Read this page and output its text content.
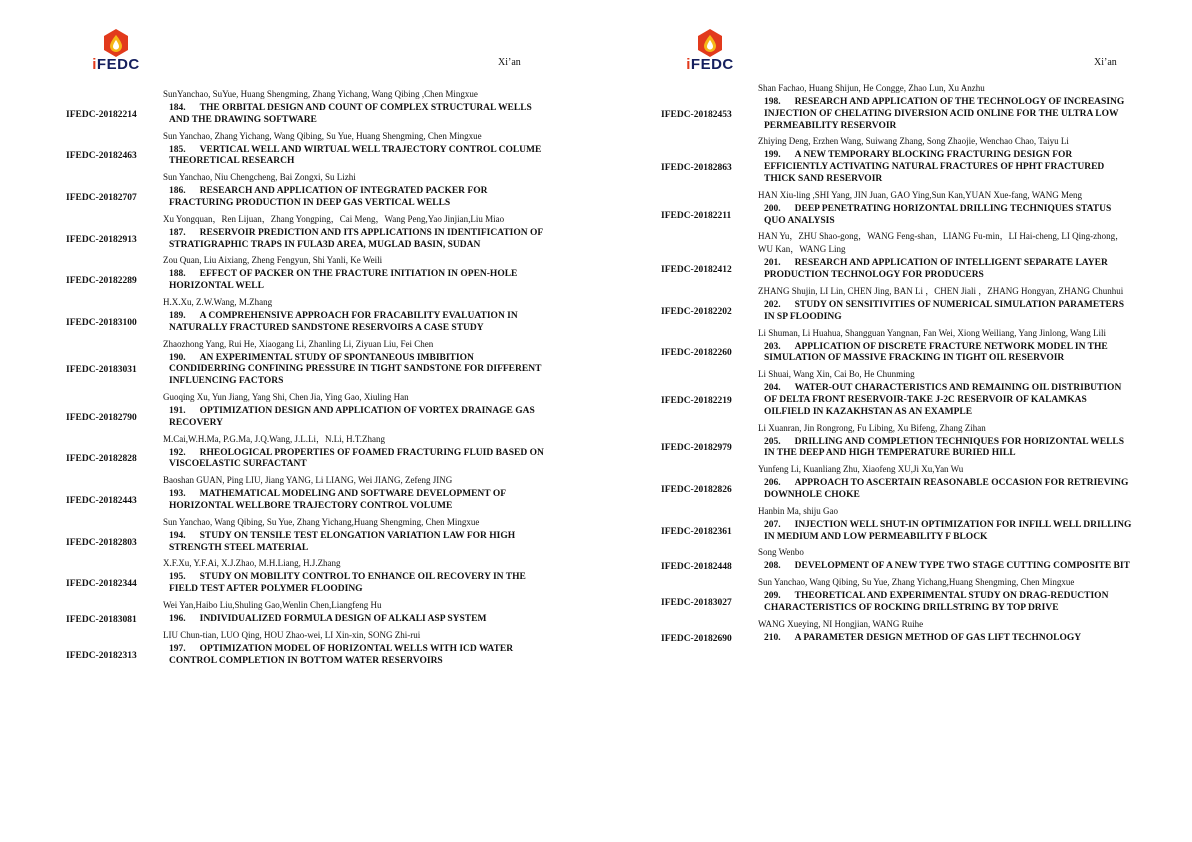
iFEDC	Xi’an

SunYanchao, SuYue, Huang Shengming, Zhang Yichang, Wang Qibing ,Chen Mingxue

IFEDC-20182214
184. THE ORBITAL DESIGN AND COUNT OF COMPLEX STRUCTURAL WELLS AND THE DRAWING SOFTWARE

Sun Yanchao, Zhang Yichang, Wang Qibing, Su Yue, Huang Shengming, Chen Mingxue

IFEDC-20182463
185. VERTICAL WELL AND WIRTUAL WELL TRAJECTORY CONTROL COLUME THEORETICAL RESEARCH

Sun Yanchao, Niu Chengcheng, Bai Zongxi, Su Lizhi

IFEDC-20182707
186. RESEARCH AND APPLICATION OF INTEGRATED PACKER FOR FRACTURING PRODUCTION IN DEEP GAS VERTICAL WELLS

Xu Yongquan，Ren Lijuan，Zhang Yongping，Cai Meng，Wang Peng,Yao Jinjian,Liu Miao

IFEDC-20182913
187. RESERVOIR PREDICTION AND ITS APPLICATIONS IN IDENTIFICATION OF STRATIGRAPHIC TRAPS IN FULA3D AREA, MUGLAD BASIN, SUDAN

Zou Quan, Liu Aixiang, Zheng Fengyun, Shi Yanli, Ke Weili

IFEDC-20182289
188. EFFECT OF PACKER ON THE FRACTURE INITIATION IN OPEN-HOLE HORIZONTAL WELL

H.X.Xu, Z.W.Wang, M.Zhang

IFEDC-20183100
189. A COMPREHENSIVE APPROACH FOR FRACABILITY EVALUATION IN NATURALLY FRACTURED SANDSTONE RESERVOIRS A CASE STUDY

Zhaozhong Yang, Rui He, Xiaogang Li, Zhanling Li, Ziyuan Liu, Fei Chen

IFEDC-20183031
190. AN EXPERIMENTAL STUDY OF SPONTANEOUS IMBIBITION CONDIDERRING CONFINING PRESSURE IN TIGHT SANDSTONE FOR DIFFERENT INFLUENCING FACTORS

Guoqing Xu, Yun Jiang, Yang Shi, Chen Jia, Ying Gao, Xiuling Han

IFEDC-20182790
191. OPTIMIZATION DESIGN AND APPLICATION OF VORTEX DRAINAGE GAS RECOVERY

M.Cai,W.H.Ma, P.G.Ma, J.Q.Wang, J.L.Li，N.Li, H.T.Zhang

IFEDC-20182828
192. RHEOLOGICAL PROPERTIES OF FOAMED FRACTURING FLUID BASED ON VISCOELASTIC SURFACTANT

Baoshan GUAN, Ping LIU, Jiang YANG, Li LIANG, Wei JIANG, Zefeng JING

IFEDC-20182443
193. MATHEMATICAL MODELING AND SOFTWARE DEVELOPMENT OF HORIZONTAL WELLBORE TRAJECTORY CONTROL VOLUME

Sun Yanchao, Wang Qibing, Su Yue, Zhang Yichang,Huang Shengming, Chen Mingxue

IFEDC-20182803
194. STUDY ON TENSILE TEST ELONGATION VARIATION LAW FOR HIGH STRENGTH STEEL MATERIAL

X.F.Xu, Y.F.Ai, X.J.Zhao, M.H.Liang, H.J.Zhang

IFEDC-20182344
195. STUDY ON MOBILITY CONTROL TO ENHANCE OIL RECOVERY IN THE FIELD TEST AFTER POLYMER FLOODING

Wei Yan,Haibo Liu,Shuling Gao,Wenlin Chen,Liangfeng Hu

IFEDC-20183081	196. INDIVIDUALIZED FORMULA DESIGN OF ALKALI ASP SYSTEM

LIU Chun-tian, LUO Qing, HOU Zhao-wei, LI Xin-xin, SONG Zhi-rui

IFEDC-20182313
197. OPTIMIZATION MODEL OF HORIZONTAL WELLS WITH ICD WATER CONTROL COMPLETION IN BOTTOM WATER RESERVOIRS
iFEDC	Xi’an

Shan Fachao, Huang Shijun, He Congge, Zhao Lun, Xu Anzhu

IFEDC-20182453
198. RESEARCH AND APPLICATION OF THE TECHNOLOGY OF INCREASING INJECTION OF CHELATING DIVERSION ACID ONLINE FOR THE ULTRA LOW PERMEABILITY RESERVOIR

Zhiying Deng, Erzhen Wang, Suiwang Zhang, Song Zhaojie, Wenchao Chao, Taiyu Li

IFEDC-20182863
199. A NEW TEMPORARY BLOCKING FRACTURING DESIGN FOR EFFICIENTLY ACTIVATING NATURAL FRACTURES OF HPHT FRACTURED THICK SAND RESERVOIR

HAN Xiu-ling ,SHI Yang, JIN Juan, GAO Ying,Sun Kan,YUAN Xue-fang, WANG Meng

IFEDC-20182211
200. DEEP PENETRATING HORIZONTAL DRILLING TECHNIQUES STATUS QUO ANALYSIS

HAN Yu，ZHU Shao-gong，WANG Feng-shan，LIANG Fu-min，LI Hai-cheng, LI Qing-zhong，WU Kan，WANG Ling

IFEDC-20182412
201. RESEARCH AND APPLICATION OF INTELLIGENT SEPARATE LAYER PRODUCTION TECHNOLOGY FOR PRODUCERS

ZHANG Shujin, LI Lin, CHEN Jing, BAN Li ，CHEN Jiali ，ZHANG Hongyan, ZHANG Chunhui

IFEDC-20182202
202. STUDY ON SENSITIVITIES OF NUMERICAL SIMULATION PARAMETERS IN SP FLOODING

Li Shuman, Li Huahua, Shangguan Yangnan, Fan Wei, Xiong Weiliang, Yang Jinlong, Wang Lili

IFEDC-20182260
203. APPLICATION OF DISCRETE FRACTURE NETWORK MODEL IN THE SIMULATION OF MASSIVE FRACKING IN TIGHT OIL RESERVOIR

Li Shuai, Wang Xin, Cai Bo, He Chunming

IFEDC-20182219
204. WATER-OUT CHARACTERISTICS AND REMAINING OIL DISTRIBUTION OF DELTA FRONT RESERVOIR-TAKE J-2C RESERVOIR OF KALAMKAS OILFIELD IN KAZAKHSTAN AS AN EXAMPLE

Li Xuanran, Jin Rongrong, Fu Libing, Xu Bifeng, Zhang Zihan

IFEDC-20182979
205. DRILLING AND COMPLETION TECHNIQUES FOR HORIZONTAL WELLS IN THE DEEP AND HIGH TEMPERATURE BURIED HILL

Yunfeng Li, Kuanliang Zhu, Xiaofeng XU,Ji Xu,Yan Wu

IFEDC-20182826
206. APPROACH TO ASCERTAIN REASONABLE OCCASION FOR RETRIEVING DOWNHOLE CHOKE

Hanbin Ma, shiju Gao

IFEDC-20182361
207. INJECTION WELL SHUT-IN OPTIMIZATION FOR INFILL WELL DRILLING IN MEDIUM AND LOW PERMEABILITY F BLOCK

Song Wenbo

IFEDC-20182448	208. DEVELOPMENT OF A NEW TYPE TWO STAGE CUTTING COMPOSITE BIT

Sun Yanchao, Wang Qibing, Su Yue, Zhang Yichang,Huang Shengming, Chen Mingxue

IFEDC-20183027
209. THEORETICAL AND EXPERIMENTAL STUDY ON DRAG-REDUCTION CHARACTERISTICS OF ROCKING DRILLSTRING BY TOP DRIVE

WANG Xueying, NI Hongjian, WANG Ruihe

IFEDC-20182690	210. A PARAMETER DESIGN METHOD OF GAS LIFT TECHNOLOGY
